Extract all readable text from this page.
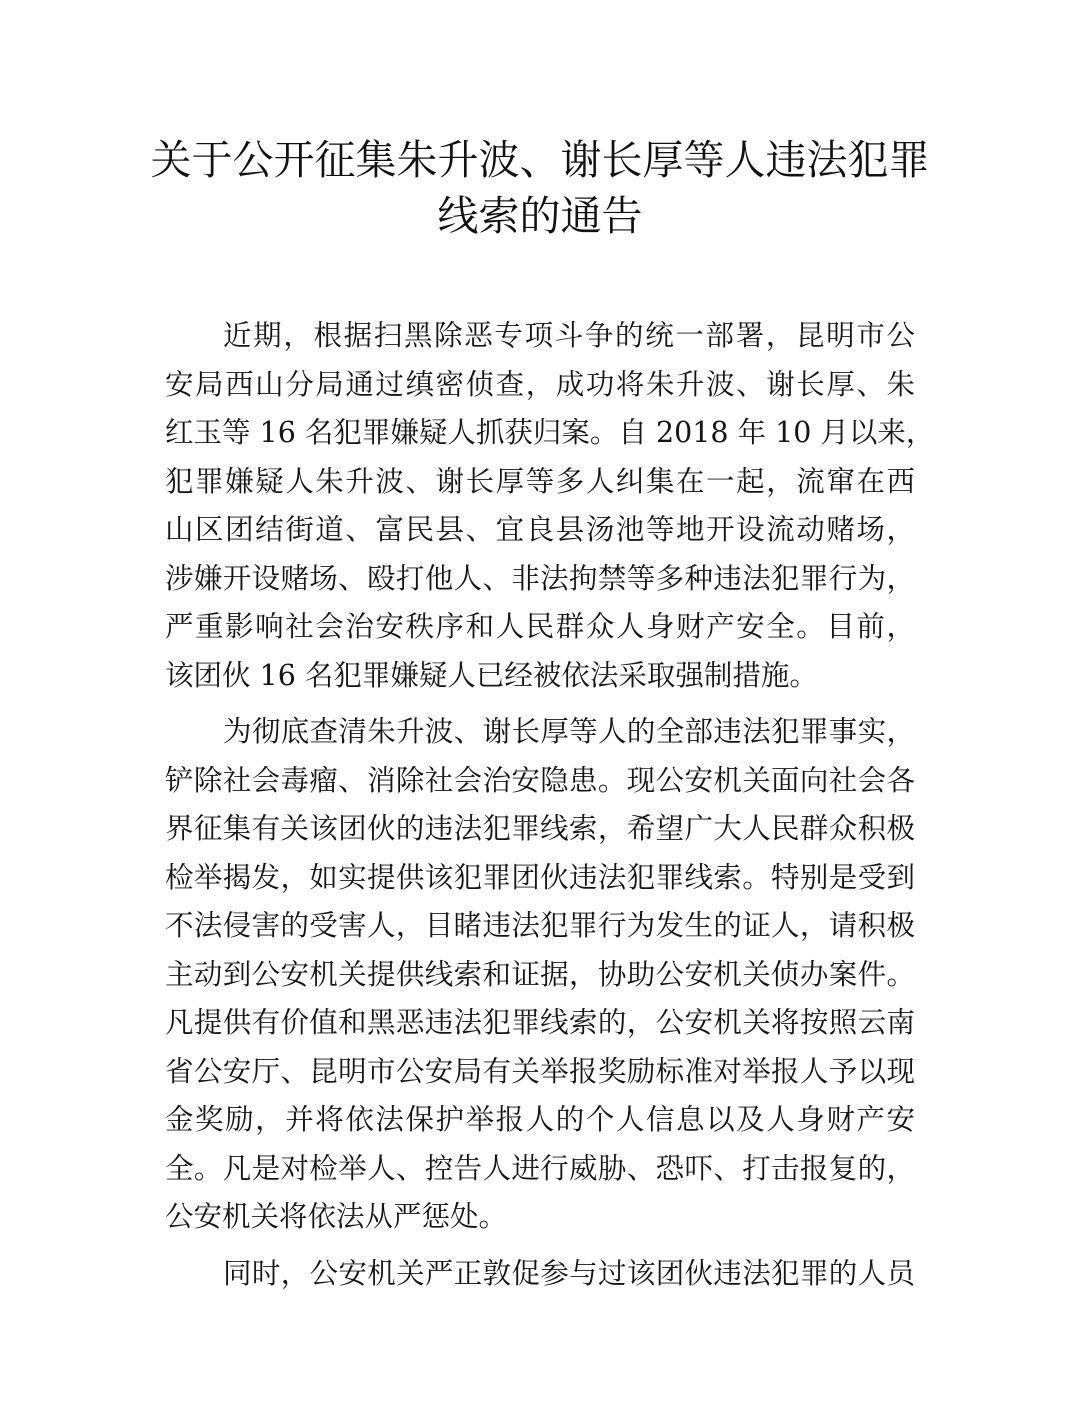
关于公开征集朱升波、谢长厚等人违法犯罪
线索的通告
近期，根据扫黑除恶专项斗争的统一部署，昆明市公
安局西山分局通过缜密侦查，成功将朱升波、谢长厚、朱
红玉等 16 名犯罪嫌疑人抓获归案。自 2018 年 10 月以来，
犯罪嫌疑人朱升波、谢长厚等多人纠集在一起，流窜在西
山区团结街道、富民县、宜良县汤池等地开设流动赌场，
涉嫌开设赌场、殴打他人、非法拘禁等多种违法犯罪行为，
严重影响社会治安秩序和人民群众人身财产安全。目前，
该团伙 16 名犯罪嫌疑人已经被依法采取强制措施。
为彻底查清朱升波、谢长厚等人的全部违法犯罪事实，
铲除社会毒瘤、消除社会治安隐患。现公安机关面向社会各
界征集有关该团伙的违法犯罪线索，希望广大人民群众积极
检举揭发，如实提供该犯罪团伙违法犯罪线索。特别是受到
不法侵害的受害人，目睹违法犯罪行为发生的证人，请积极
主动到公安机关提供线索和证据，协助公安机关侦办案件。
凡提供有价值和黑恶违法犯罪线索的，公安机关将按照云南
省公安厅、昆明市公安局有关举报奖励标准对举报人予以现
金奖励，并将依法保护举报人的个人信息以及人身财产安
全。凡是对检举人、控告人进行威胁、恐吓、打击报复的，
公安机关将依法从严惩处。
同时，公安机关严正敦促参与过该团伙违法犯罪的人员
